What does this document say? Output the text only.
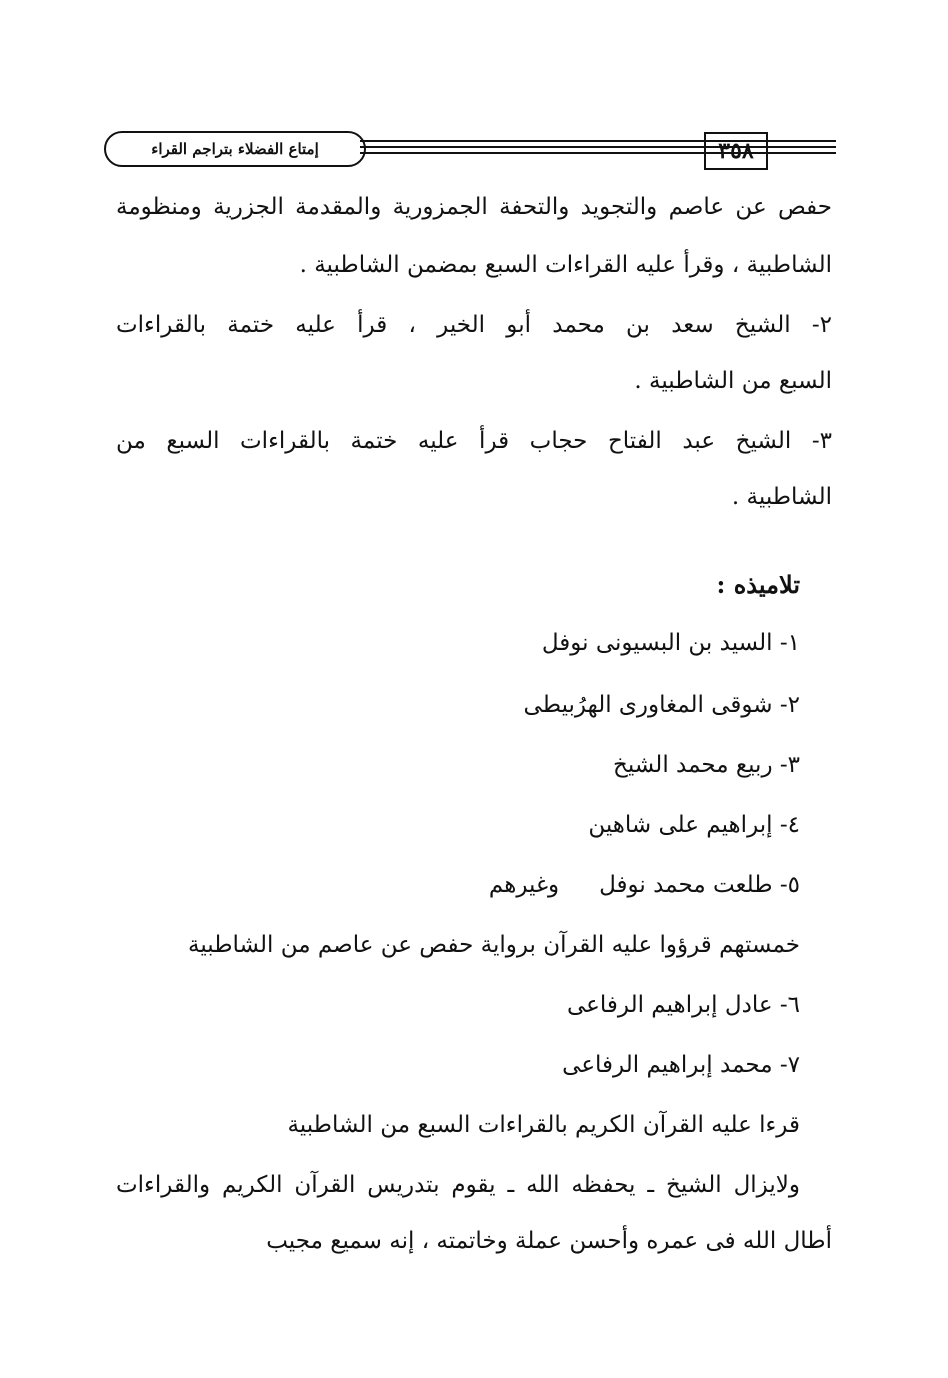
إمتاع الفضلاء بتراجم القراء	٣٥٨
حفص عن عاصم والتجويد والتحفة الجمزورية والمقدمة الجزرية ومنظومة
الشاطبية ، وقرأ عليه القراءات السبع بمضمن الشاطبية .
٢- الشيخ سعد بن محمد أبو الخير ، قرأ عليه ختمة بالقراءات
السبع من الشاطبية .
٣- الشيخ عبد الفتاح حجاب قرأ عليه ختمة بالقراءات السبع من
الشاطبية .
تلاميذه :
١- السيد بن البسيونى نوفل
٢- شوقى المغاورى الهرُبيطى
٣- ربيع محمد الشيخ
٤- إبراهيم على شاهين
٥- طلعت محمد نوفلوغيرهم
خمستهم قرؤوا عليه القرآن برواية حفص عن عاصم من الشاطبية
٦- عادل إبراهيم الرفاعى
٧- محمد إبراهيم الرفاعى
قرءا عليه القرآن الكريم بالقراءات السبع من الشاطبية
ولايزال الشيخ ـ يحفظه الله ـ يقوم بتدريس القرآن الكريم والقراءات
أطال الله فى عمره وأحسن عملة وخاتمته ، إنه سميع مجيب
